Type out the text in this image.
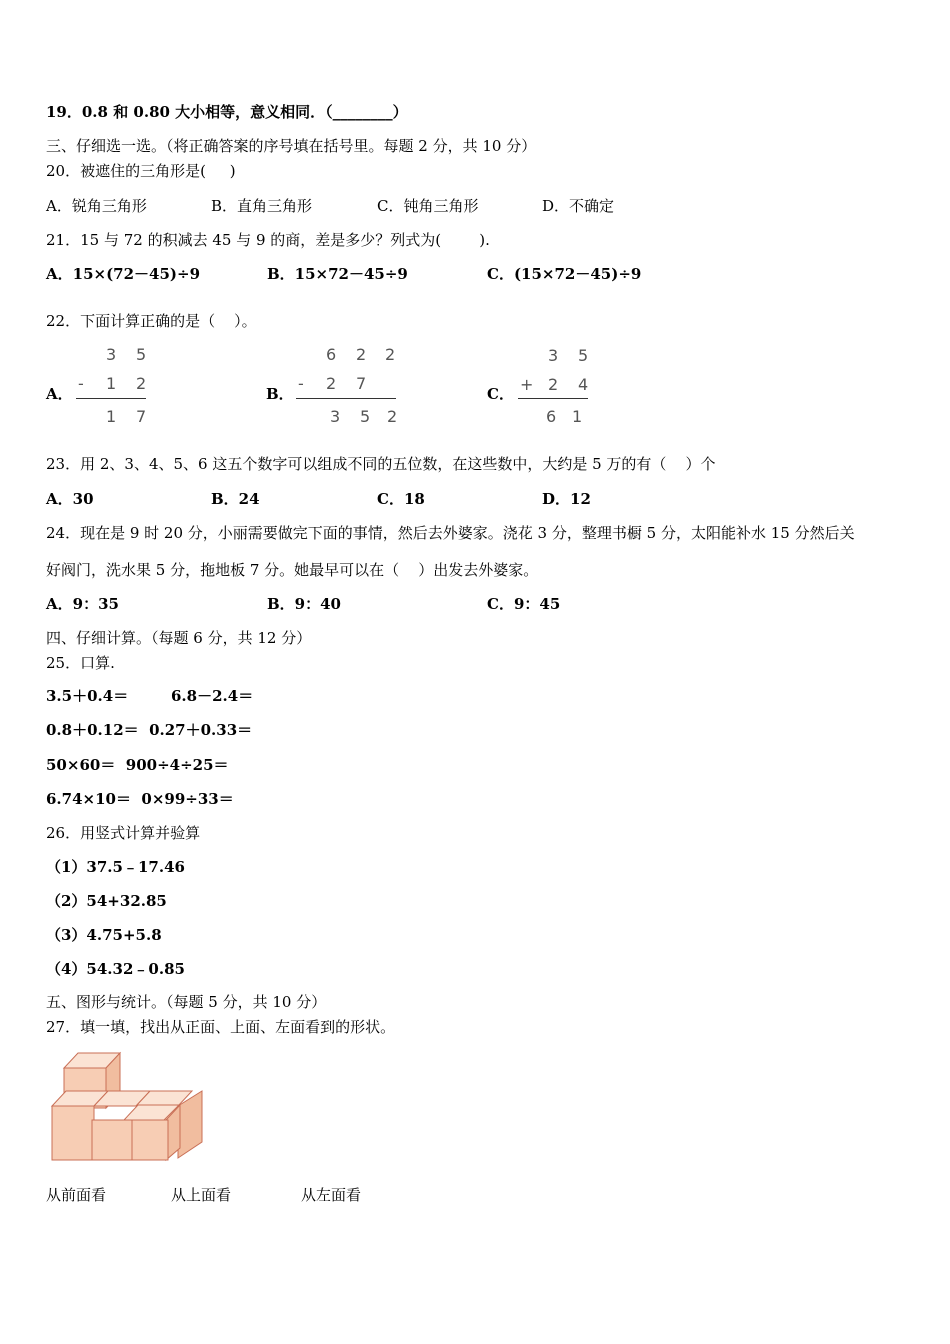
19．0.8 和 0.80 大小相等，意义相同．（________）
三、仔细选一选。（将正确答案的序号填在括号里。每题 2 分，共 10 分）
20．被遮住的三角形是(     )
A．锐角三角形	B．直角三角形	C．钝角三角形	D．不确定
21．15 与 72 的积减去 45 与 9 的商，差是多少？列式为(        ).
A．15×(72－45)÷9	B．15×72－45÷9	C．(15×72－45)÷9
22．下面计算正确的是（    ）。
A．
3 5
- 1 2
1 7
B．
6 2 2
- 2 7
3 5 2
C．
3 5
+ 2 4
6 1
23．用 2、3、4、5、6 这五个数字可以组成不同的五位数，在这些数中，大约是 5 万的有（    ）个
A．30	B．24	C．18	D．12
24．现在是 9 时 20 分，小丽需要做完下面的事情，然后去外婆家。浇花 3 分，整理书橱 5 分，太阳能补水 15 分然后关
好阀门，洗水果 5 分，拖地板 7 分。她最早可以在（    ）出发去外婆家。
A．9：35	B．9：40	C．9：45
四、仔细计算。（每题 6 分，共 12 分）
25．口算.
3.5＋0.4＝	6.8－2.4＝
0.8＋0.12＝  0.27＋0.33＝
50×60＝  900÷4÷25＝
6.74×10＝  0×99÷33＝
26．用竖式计算并验算
（1）37.5﹣17.46
（2）54+32.85
（3）4.75+5.8
（4）54.32﹣0.85
五、图形与统计。（每题 5 分，共 10 分）
27．填一填，找出从正面、上面、左面看到的形状。
从前面看	从上面看	从左面看
